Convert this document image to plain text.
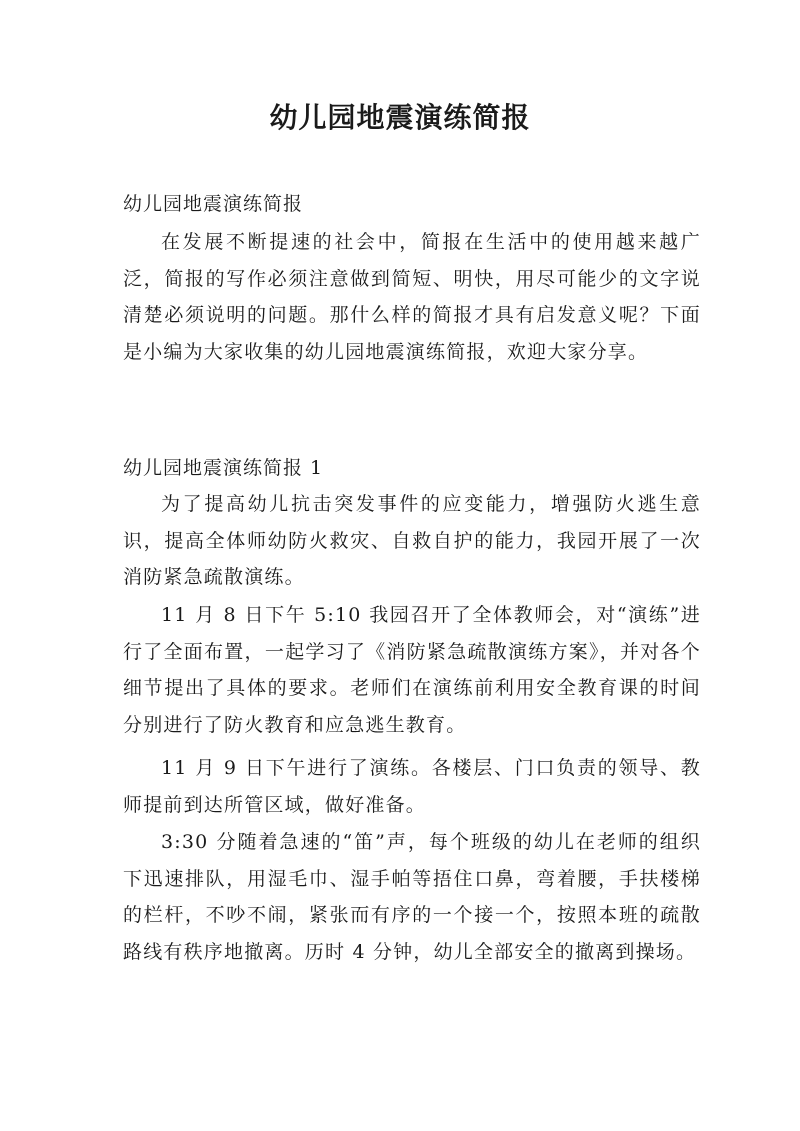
幼儿园地震演练简报

幼儿园地震演练简报

在发展不断提速的社会中，简报在生活中的使用越来越广泛，简报的写作必须注意做到简短、明快，用尽可能少的文字说清楚必须说明的问题。那什么样的简报才具有启发意义呢？下面是小编为大家收集的幼儿园地震演练简报，欢迎大家分享。

幼儿园地震演练简报 1

为了提高幼儿抗击突发事件的应变能力，增强防火逃生意识，提高全体师幼防火救灾、自救自护的能力，我园开展了一次消防紧急疏散演练。

11 月 8 日下午 5:10 我园召开了全体教师会，对“演练”进行了全面布置，一起学习了《消防紧急疏散演练方案》，并对各个细节提出了具体的要求。老师们在演练前利用安全教育课的时间分别进行了防火教育和应急逃生教育。

11 月 9 日下午进行了演练。各楼层、门口负责的领导、教师提前到达所管区域，做好准备。

3:30 分随着急速的“笛”声，每个班级的幼儿在老师的组织下迅速排队，用湿毛巾、湿手帕等捂住口鼻，弯着腰，手扶楼梯的栏杆，不吵不闹，紧张而有序的一个接一个，按照本班的疏散路线有秩序地撤离。历时 4 分钟，幼儿全部安全的撤离到操场。
